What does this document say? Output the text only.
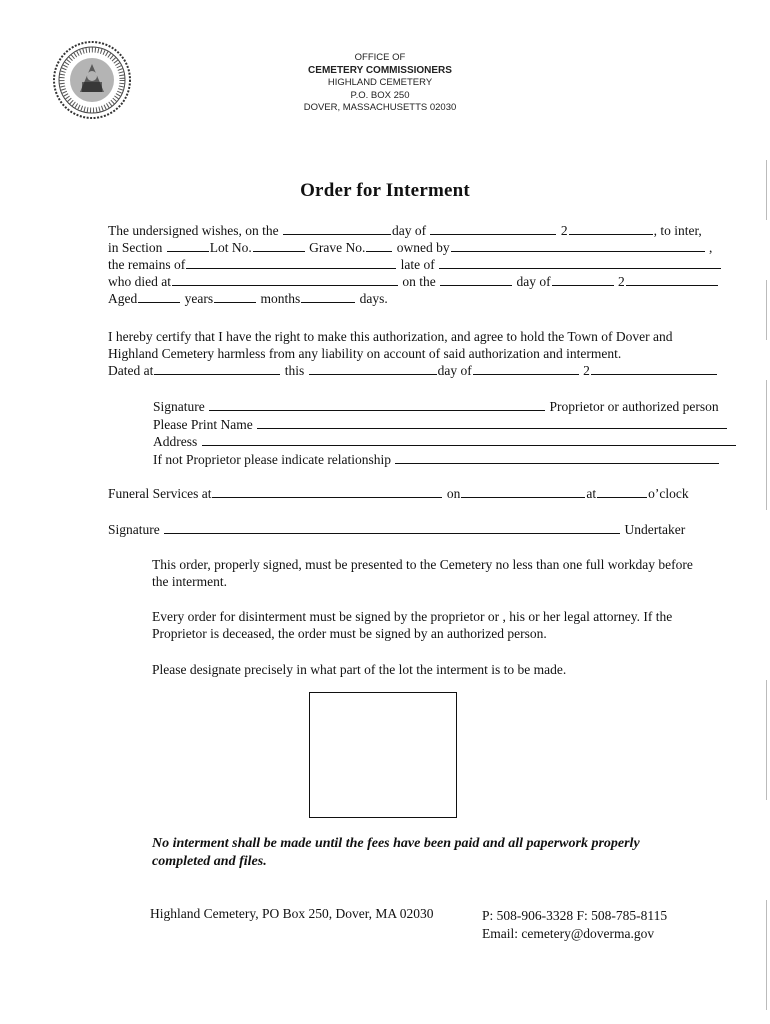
OFFICE OF
CEMETERY COMMISSIONERS
HIGHLAND CEMETERY
P.O. BOX 250
DOVER, MASSACHUSETTS 02030
Order for Interment
The undersigned wishes, on the	day of	2	, to inter,
in Section	Lot No.	Grave No. owned by	,
the remains of	late of
who died at	on the	day of	2
Aged	years	months	days.
I hereby certify that I have the right to make this authorization, and agree to hold the Town of Dover and
Highland Cemetery harmless from any liability on account of said authorization and interment.
Dated at	this	day of	2
Signature	Proprietor or authorized person
Please Print Name
Address
If not Proprietor please indicate relationship
Funeral Services at	on	at	o’clock
Signature	Undertaker
This order, properly signed, must be presented to the Cemetery no less than one full workday before
the interment.
Every order for disinterment must be signed by the proprietor or , his or her legal attorney. If the
Proprietor is deceased, the order must be signed by an authorized person.
Please designate precisely in what part of the lot the interment is to be made.
No interment shall be made until the fees have been paid and all paperwork properly
completed and files.
Highland Cemetery, PO Box 250, Dover, MA 02030	P: 508-906-3328 F: 508-785-8115
Email: cemetery@doverma.gov
